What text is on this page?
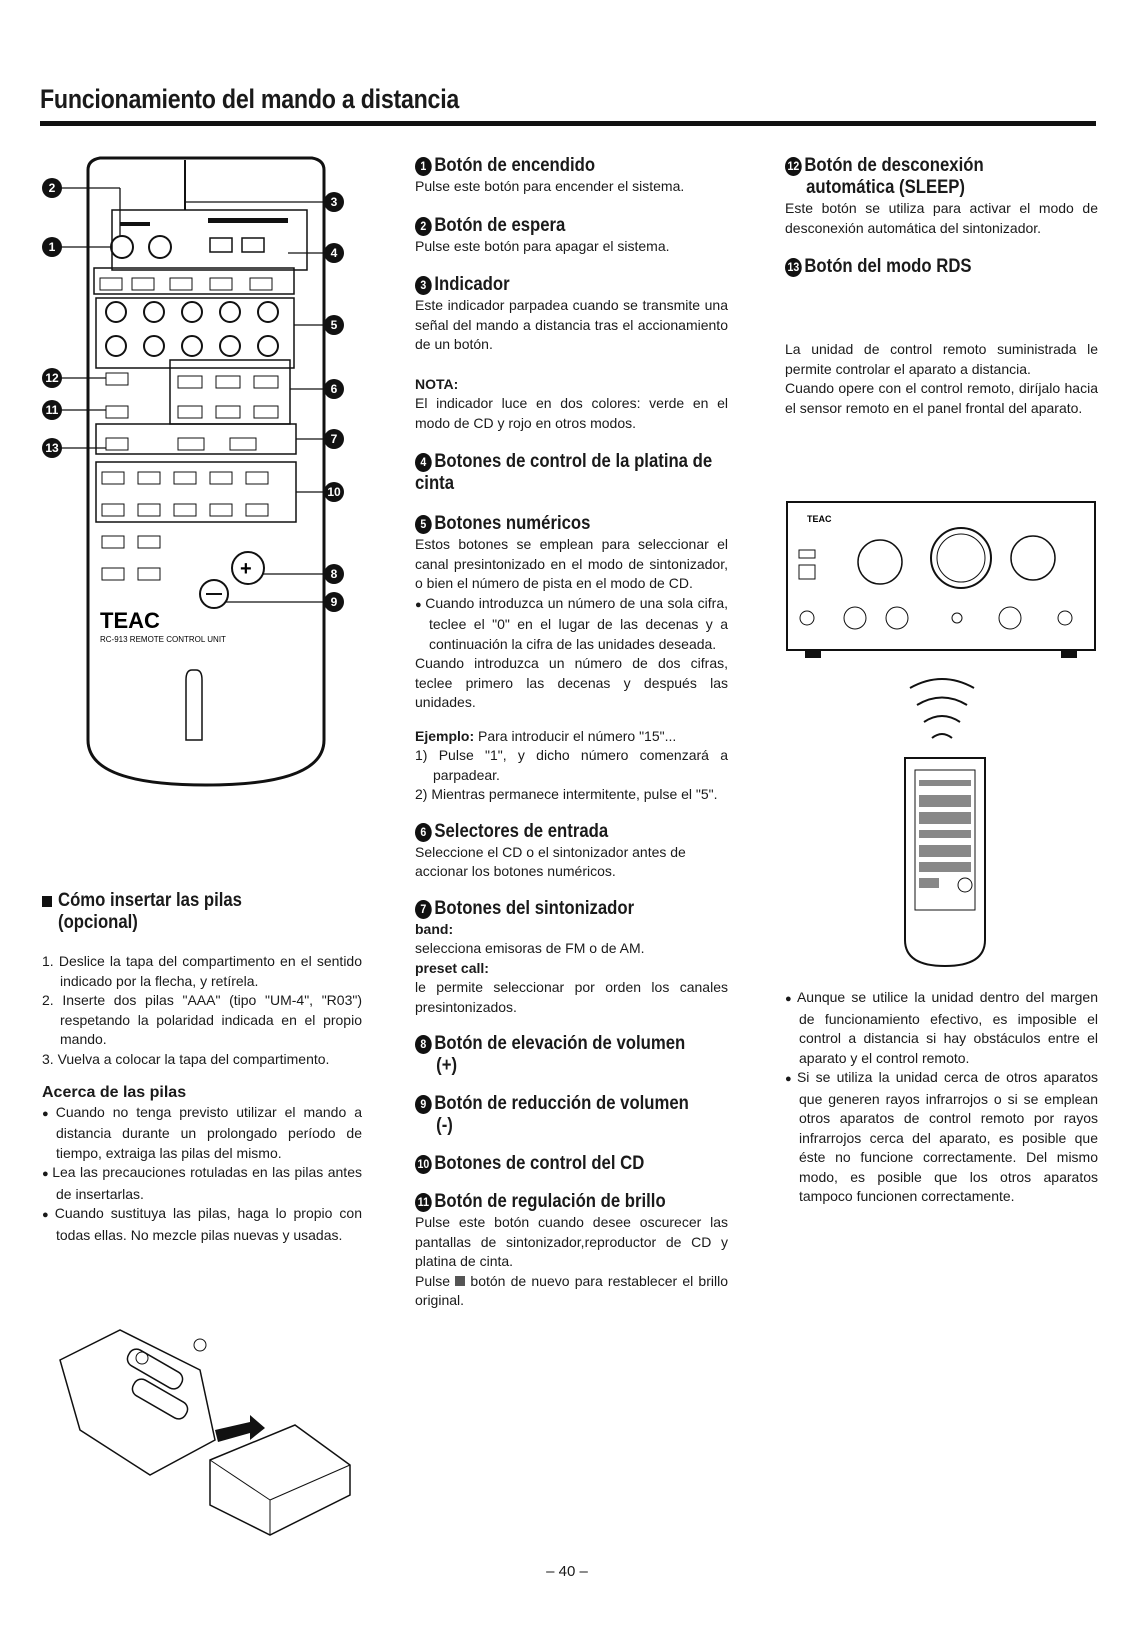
Funcionamiento del mando a distancia
+
TEAC
RC-913 REMOTE CONTROL UNIT
2
1
3
4
5
6
7
10
8
9
12
11
13

Cómo insertar las pilas (opcional)

1. Deslice la tapa del compartimento en el sentido indicado por la flecha, y retírela.
2. Inserte dos pilas "AAA" (tipo "UM-4", "R03") respetando la polaridad indicada en el propio mando.
3. Vuelva a colocar la tapa del compartimento.

Acerca de las pilas

● Cuando no tenga previsto utilizar el mando a distancia durante un prolongado período de tiempo, extraiga las pilas del mismo.
● Lea las precauciones rotuladas en las pilas antes de insertarlas.
● Cuando sustituya las pilas, haga lo propio con todas ellas. No mezcle pilas nuevas y usadas.

1 Botón de encendido

Pulse este botón para encender el sistema.

2 Botón de espera

Pulse este botón para apagar el sistema.

3 Indicador

Este indicador parpadea cuando se transmite una señal del mando a distancia tras el accionamiento de un botón.

NOTA:

El indicador luce en dos colores: verde en el modo de CD y rojo en otros modos.

4 Botones de control de la platina de cinta

5 Botones numéricos

Estos botones se emplean para seleccionar el canal presintonizado en el modo de sintonizador, o bien el número de pista en el modo de CD.

● Cuando introduzca un número de una sola cifra, teclee el "0" en el lugar de las decenas y a continuación la cifra de las unidades deseada.

Cuando introduzca un número de dos cifras, teclee primero las decenas y después las unidades.

Ejemplo: Para introducir el número "15"...

1) Pulse "1", y dicho número comenzará a parpadear.
2) Mientras permanece intermitente, pulse el "5".

6 Selectores de entrada

Seleccione el CD o el sintonizador antes de accionar los botones numéricos.

7 Botones del sintonizador

band:

selecciona emisoras de FM o de AM.

preset call:

le permite seleccionar por orden los canales presintonizados.

8 Botón de elevación de volumen

(+)

9 Botón de reducción de volumen

(-)

10 Botones de control del CD

11 Botón de regulación de brillo

Pulse este botón cuando desee oscurecer las pantallas de sintonizador,reproductor de CD y platina de cinta.

Pulse botón de nuevo para restablecer el brillo original.

12 Botón de desconexión

automática (SLEEP)

Este botón se utiliza para activar el modo de desconexión automática del sintonizador.

13 Botón del modo RDS

La unidad de control remoto suministrada le permite controlar el aparato a distancia.

Cuando opere con el control remoto, diríjalo hacia el sensor remoto en el panel frontal del aparato.

TEAC
● Aunque se utilice la unidad dentro del margen de funcionamiento efectivo, es imposible el control a distancia si hay obstáculos entre el aparato y el control remoto.
● Si se utiliza la unidad cerca de otros aparatos que generen rayos infrarrojos o si se emplean otros aparatos de control remoto por rayos infrarrojos cerca del aparato, es posible que éste no funcione correctamente. Del mismo modo, es posible que los otros aparatos tampoco funcionen correctamente.
– 40 –
